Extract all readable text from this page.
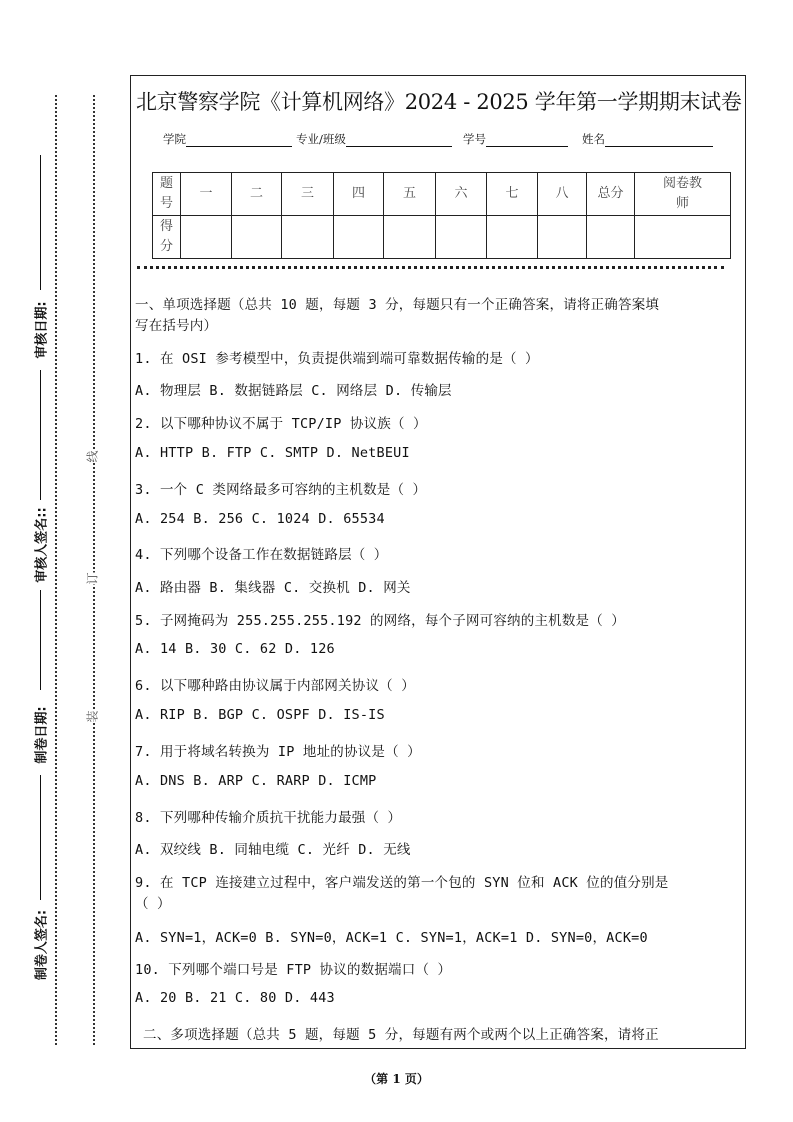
审核日期:
审核人签名::
制卷日期:
制卷人签名:
线
订
装
北京警察学院《计算机网络》2024 - 2025 学年第一学期期末试卷
学院	专业/班级	学号	姓名
题号	一	二	三	四	五	六	七	八	总分	阅卷教师
得分										
一、单项选择题（总共 10 题，每题 3 分，每题只有一个正确答案，请将正确答案填
写在括号内）
1. 在 OSI 参考模型中，负责提供端到端可靠数据传输的是（ ）
A. 物理层 B. 数据链路层 C. 网络层 D. 传输层
2. 以下哪种协议不属于 TCP/IP 协议族（ ）
A. HTTP B. FTP C. SMTP D. NetBEUI
3. 一个 C 类网络最多可容纳的主机数是（ ）
A. 254 B. 256 C. 1024 D. 65534
4. 下列哪个设备工作在数据链路层（ ）
A. 路由器 B. 集线器 C. 交换机 D. 网关
5. 子网掩码为 255.255.255.192 的网络，每个子网可容纳的主机数是（ ）
A. 14 B. 30 C. 62 D. 126
6. 以下哪种路由协议属于内部网关协议（ ）
A. RIP B. BGP C. OSPF D. IS-IS
7. 用于将域名转换为 IP 地址的协议是（ ）
A. DNS B. ARP C. RARP D. ICMP
8. 下列哪种传输介质抗干扰能力最强（ ）
A. 双绞线 B. 同轴电缆 C. 光纤 D. 无线
9. 在 TCP 连接建立过程中，客户端发送的第一个包的 SYN 位和 ACK 位的值分别是
（ ）
A. SYN=1，ACK=0 B. SYN=0，ACK=1 C. SYN=1，ACK=1 D. SYN=0，ACK=0
10. 下列哪个端口号是 FTP 协议的数据端口（ ）
A. 20 B. 21 C. 80 D. 443
二、多项选择题（总共 5 题，每题 5 分，每题有两个或两个以上正确答案，请将正
（第 1 页）
